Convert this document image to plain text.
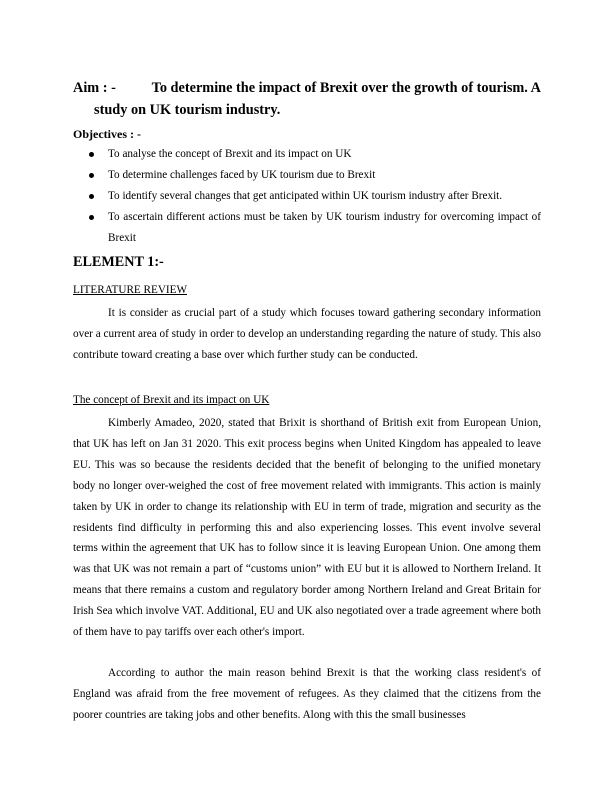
Aim : - To determine the impact of Brexit over the growth of tourism. A
study on UK tourism industry.
Objectives : -
To analyse the concept of Brexit and its impact on UK
To determine challenges faced by UK tourism due to Brexit
To identify several changes that get anticipated within UK tourism industry after Brexit.
To ascertain different actions must be taken by UK tourism industry for overcoming impact of Brexit
ELEMENT 1:-
LITERATURE REVIEW

It is consider as crucial part of a study which focuses toward gathering secondary information over a current area of study in order to develop an understanding regarding the nature of study. This also contribute toward creating a base over which further study can be conducted.

The concept of Brexit and its impact on UK

Kimberly Amadeo, 2020, stated that Brixit is shorthand of British exit from European Union, that UK has left on Jan 31 2020. This exit process begins when United Kingdom has appealed to leave EU. This was so because the residents decided that the benefit of belonging to the unified monetary body no longer over-weighed the cost of free movement related with immigrants. This action is mainly taken by UK in order to change its relationship with EU in term of trade, migration and security as the residents find difficulty in performing this and also experiencing losses. This event involve several terms within the agreement that UK has to follow since it is leaving European Union. One among them was that UK was not remain a part of “customs union” with EU but it is allowed to Northern Ireland. It means that there remains a custom and regulatory border among Northern Ireland and Great Britain for Irish Sea which involve VAT. Additional, EU and UK also negotiated over a trade agreement where both of them have to pay tariffs over each other's import.

According to author the main reason behind Brexit is that the working class resident's of England was afraid from the free movement of refugees. As they claimed that the citizens from the poorer countries are taking jobs and other benefits. Along with this the small businesses
